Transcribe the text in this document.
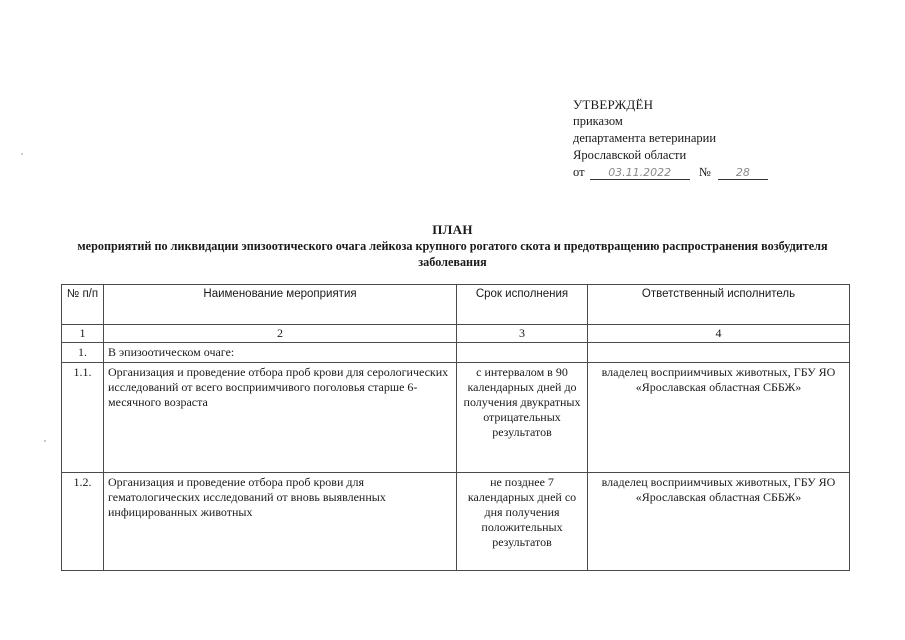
УТВЕРЖДЁН
приказом
департамента ветеринарии
Ярославской области
от 03.11.2022 № 28
ПЛАН
мероприятий по ликвидации эпизоотического очага лейкоза крупного рогатого скота и предотвращению распространения возбудителя заболевания
№ п/п	Наименование мероприятия	Срок исполнения	Ответственный исполнитель
1	2	3	4
1.	В эпизоотическом очаге:		
1.1.	Организация и проведение отбора проб крови для серологических исследований от всего восприимчивого поголовья старше 6-месячного возраста	с интервалом в 90 календарных дней до получения двукратных отрицательных результатов	владелец восприимчивых животных, ГБУ ЯО «Ярославская областная СББЖ»
1.2.	Организация и проведение отбора проб крови для гематологических исследований от вновь выявленных инфицированных животных	не позднее 7 календарных дней со дня получения положительных результатов	владелец восприимчивых животных, ГБУ ЯО «Ярославская областная СББЖ»
